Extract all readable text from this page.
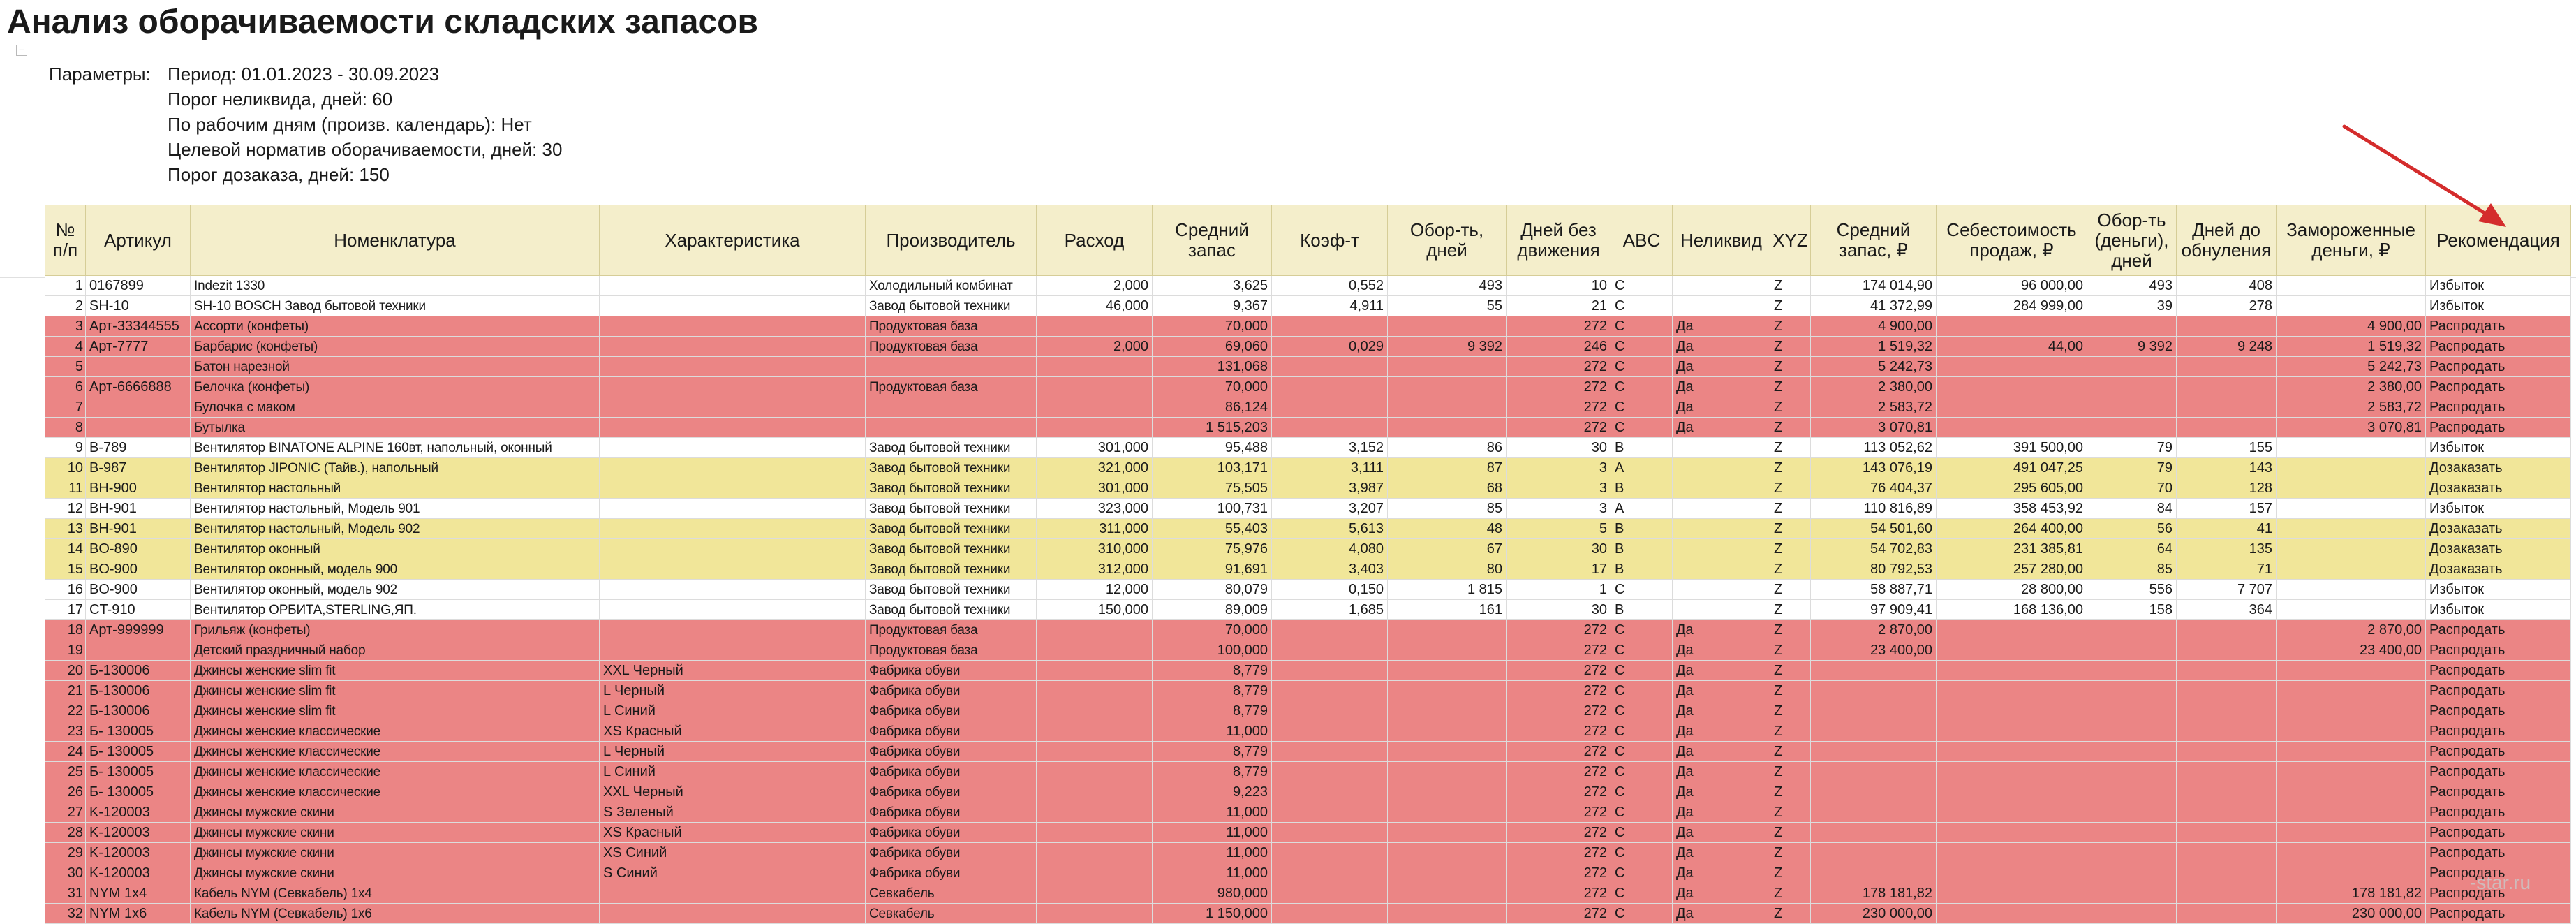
Анализ оборачиваемости складских запасов
−
Параметры: Период: 01.01.2023 - 30.09.2023
Порог неликвида, дней: 60
По рабочим дням (произв. календарь): Нет
Целевой норматив оборачиваемости, дней: 30
Порог дозаказа, дней: 150
№ п/п	Артикул	Номенклатура	Характеристика	Производитель	Расход	Средний запас	Коэф-т	Обор-ть, дней	Дней без движения	ABC	Неликвид	XYZ	Средний запас, ₽	Себестоимость продаж, ₽	Обор-ть (деньги), дней	Дней до обнуления	Замороженные деньги, ₽	Рекомендация
1	0167899	Indezit 1330		Холодильный комбинат	2,000	3,625	0,552	493	10	C		Z	174 014,90	96 000,00	493	408		Избыток
2	SH-10	SH-10 BOSCH Завод бытовой техники		Завод бытовой техники	46,000	9,367	4,911	55	21	C		Z	41 372,99	284 999,00	39	278		Избыток
3	Арт-33344555	Ассорти (конфеты)		Продуктовая база		70,000			272	C	Да	Z	4 900,00				4 900,00	Распродать
4	Арт-7777	Барбарис (конфеты)		Продуктовая база	2,000	69,060	0,029	9 392	246	C	Да	Z	1 519,32	44,00	9 392	9 248	1 519,32	Распродать
5		Батон нарезной				131,068			272	C	Да	Z	5 242,73				5 242,73	Распродать
6	Арт-6666888	Белочка (конфеты)		Продуктовая база		70,000			272	C	Да	Z	2 380,00				2 380,00	Распродать
7		Булочка с маком				86,124			272	C	Да	Z	2 583,72				2 583,72	Распродать
8		Бутылка				1 515,203			272	C	Да	Z	3 070,81				3 070,81	Распродать
9	B-789	Вентилятор BINATONE ALPINE 160вт, напольный, оконный		Завод бытовой техники	301,000	95,488	3,152	86	30	B		Z	113 052,62	391 500,00	79	155		Избыток
10	B-987	Вентилятор JIPONIC (Тайв.), напольный		Завод бытовой техники	321,000	103,171	3,111	87	3	A		Z	143 076,19	491 047,25	79	143		Дозаказать
11	BH-900	Вентилятор настольный		Завод бытовой техники	301,000	75,505	3,987	68	3	B		Z	76 404,37	295 605,00	70	128		Дозаказать
12	BH-901	Вентилятор настольный, Модель 901		Завод бытовой техники	323,000	100,731	3,207	85	3	A		Z	110 816,89	358 453,92	84	157		Избыток
13	BH-901	Вентилятор настольный, Модель 902		Завод бытовой техники	311,000	55,403	5,613	48	5	B		Z	54 501,60	264 400,00	56	41		Дозаказать
14	BO-890	Вентилятор оконный		Завод бытовой техники	310,000	75,976	4,080	67	30	B		Z	54 702,83	231 385,81	64	135		Дозаказать
15	BO-900	Вентилятор оконный, модель 900		Завод бытовой техники	312,000	91,691	3,403	80	17	B		Z	80 792,53	257 280,00	85	71		Дозаказать
16	BO-900	Вентилятор оконный, модель 902		Завод бытовой техники	12,000	80,079	0,150	1 815	1	C		Z	58 887,71	28 800,00	556	7 707		Избыток
17	CT-910	Вентилятор ОРБИТА,STERLING,ЯП.		Завод бытовой техники	150,000	89,009	1,685	161	30	B		Z	97 909,41	168 136,00	158	364		Избыток
18	Арт-999999	Грильяж (конфеты)		Продуктовая база		70,000			272	C	Да	Z	2 870,00				2 870,00	Распродать
19		Детский праздничный набор		Продуктовая база		100,000			272	C	Да	Z	23 400,00				23 400,00	Распродать
20	Б-130006	Джинсы женские slim fit	XXL Черный	Фабрика обуви		8,779			272	C	Да	Z						Распродать
21	Б-130006	Джинсы женские slim fit	L Черный	Фабрика обуви		8,779			272	C	Да	Z						Распродать
22	Б-130006	Джинсы женские slim fit	L Синий	Фабрика обуви		8,779			272	C	Да	Z						Распродать
23	Б- 130005	Джинсы женские классические	XS Красный	Фабрика обуви		11,000			272	C	Да	Z						Распродать
24	Б- 130005	Джинсы женские классические	L Черный	Фабрика обуви		8,779			272	C	Да	Z						Распродать
25	Б- 130005	Джинсы женские классические	L Синий	Фабрика обуви		8,779			272	C	Да	Z						Распродать
26	Б- 130005	Джинсы женские классические	XXL Черный	Фабрика обуви		9,223			272	C	Да	Z						Распродать
27	K-120003	Джинсы мужские скини	S Зеленый	Фабрика обуви		11,000			272	C	Да	Z						Распродать
28	K-120003	Джинсы мужские скини	XS Красный	Фабрика обуви		11,000			272	C	Да	Z						Распродать
29	K-120003	Джинсы мужские скини	XS Синий	Фабрика обуви		11,000			272	C	Да	Z						Распродать
30	K-120003	Джинсы мужские скини	S Синий	Фабрика обуви		11,000			272	C	Да	Z						Распродать
31	NYM 1x4	Кабель NYM (Севкабель) 1x4		Севкабель		980,000			272	C	Да	Z	178 181,82				178 181,82	Распродать
32	NYM 1x6	Кабель NYM (Севкабель) 1x6		Севкабель		1 150,000			272	C	Да	Z	230 000,00				230 000,00	Распродать
-star.ru
